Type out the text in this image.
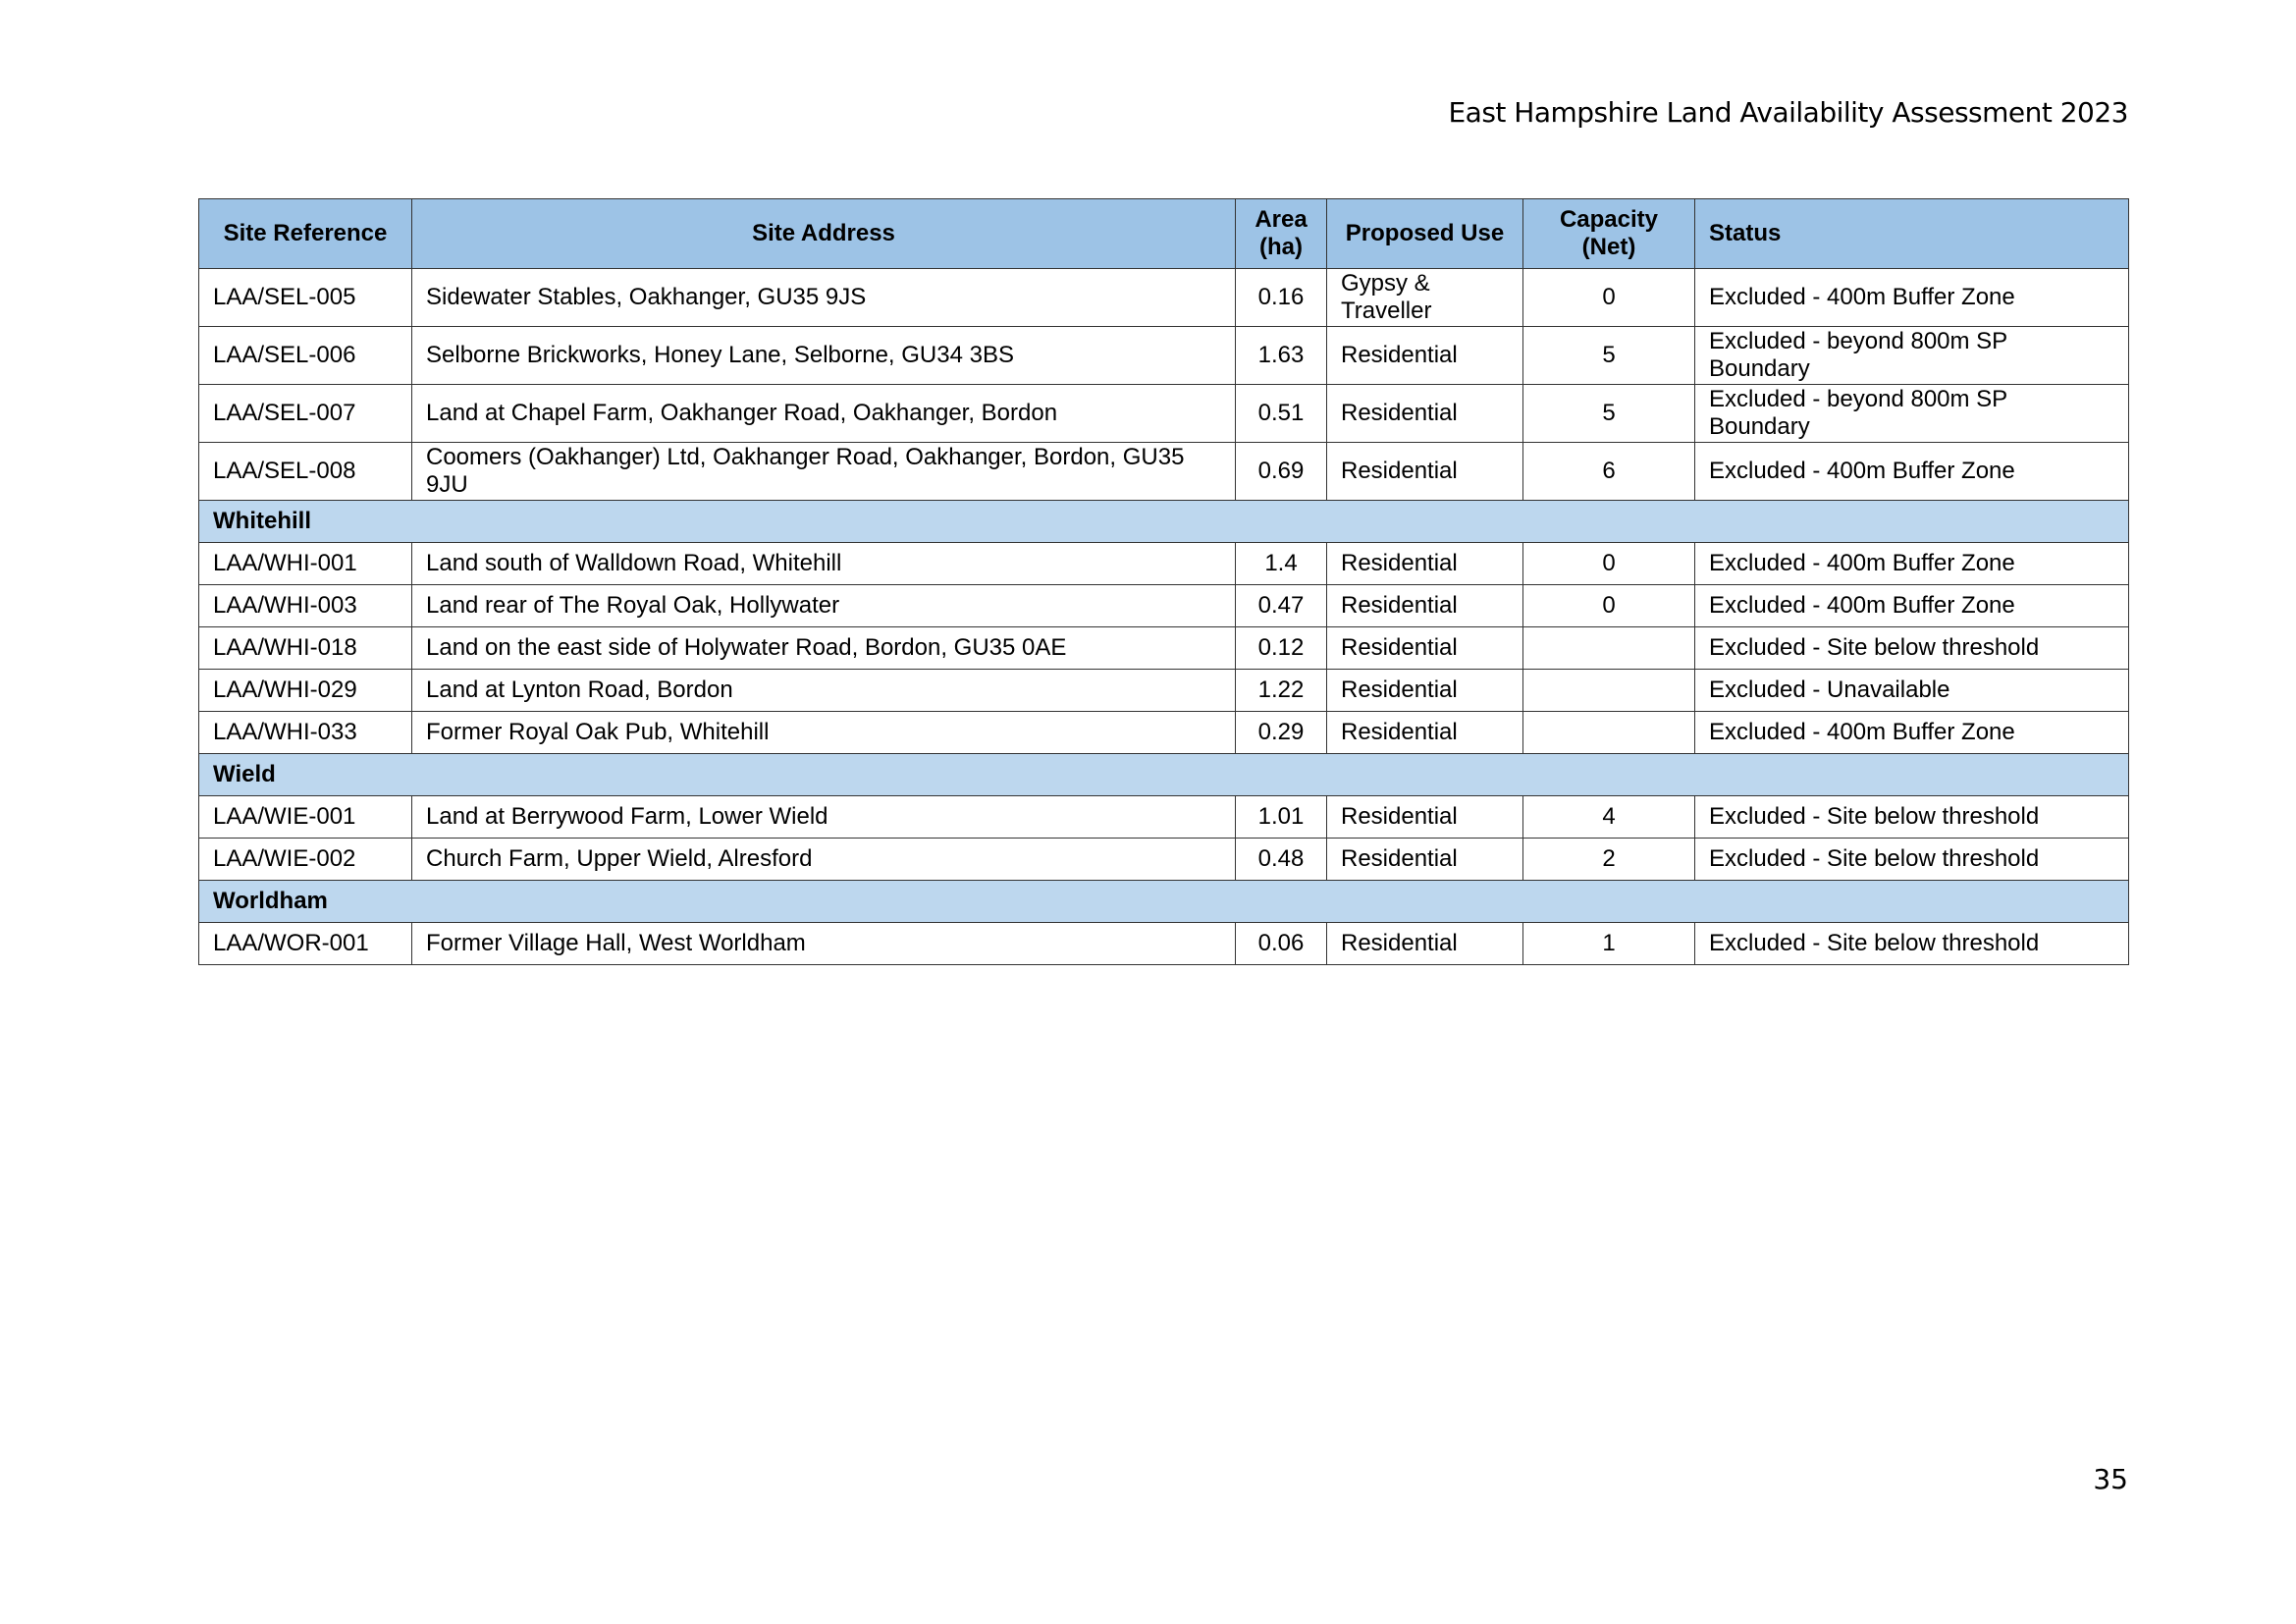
East Hampshire Land Availability Assessment 2023
Site Reference	Site Address	Area (ha)	Proposed Use	Capacity (Net)	Status
LAA/SEL-005	Sidewater Stables, Oakhanger, GU35 9JS	0.16	Gypsy & Traveller	0	Excluded - 400m Buffer Zone
LAA/SEL-006	Selborne Brickworks, Honey Lane, Selborne, GU34 3BS	1.63	Residential	5	Excluded - beyond 800m SP Boundary
LAA/SEL-007	Land at Chapel Farm, Oakhanger Road, Oakhanger, Bordon	0.51	Residential	5	Excluded - beyond 800m SP Boundary
LAA/SEL-008	Coomers (Oakhanger) Ltd, Oakhanger Road, Oakhanger, Bordon, GU35 9JU	0.69	Residential	6	Excluded - 400m Buffer Zone
Whitehill					
LAA/WHI-001	Land south of Walldown Road, Whitehill	1.4	Residential	0	Excluded - 400m Buffer Zone
LAA/WHI-003	Land rear of The Royal Oak, Hollywater	0.47	Residential	0	Excluded - 400m Buffer Zone
LAA/WHI-018	Land on the east side of Holywater Road, Bordon, GU35 0AE	0.12	Residential		Excluded - Site below threshold
LAA/WHI-029	Land at Lynton Road, Bordon	1.22	Residential		Excluded - Unavailable
LAA/WHI-033	Former Royal Oak Pub, Whitehill	0.29	Residential		Excluded - 400m Buffer Zone
Wield					
LAA/WIE-001	Land at Berrywood Farm, Lower Wield	1.01	Residential	4	Excluded - Site below threshold
LAA/WIE-002	Church Farm, Upper Wield, Alresford	0.48	Residential	2	Excluded - Site below threshold
Worldham					
LAA/WOR-001	Former Village Hall, West Worldham	0.06	Residential	1	Excluded - Site below threshold
35
